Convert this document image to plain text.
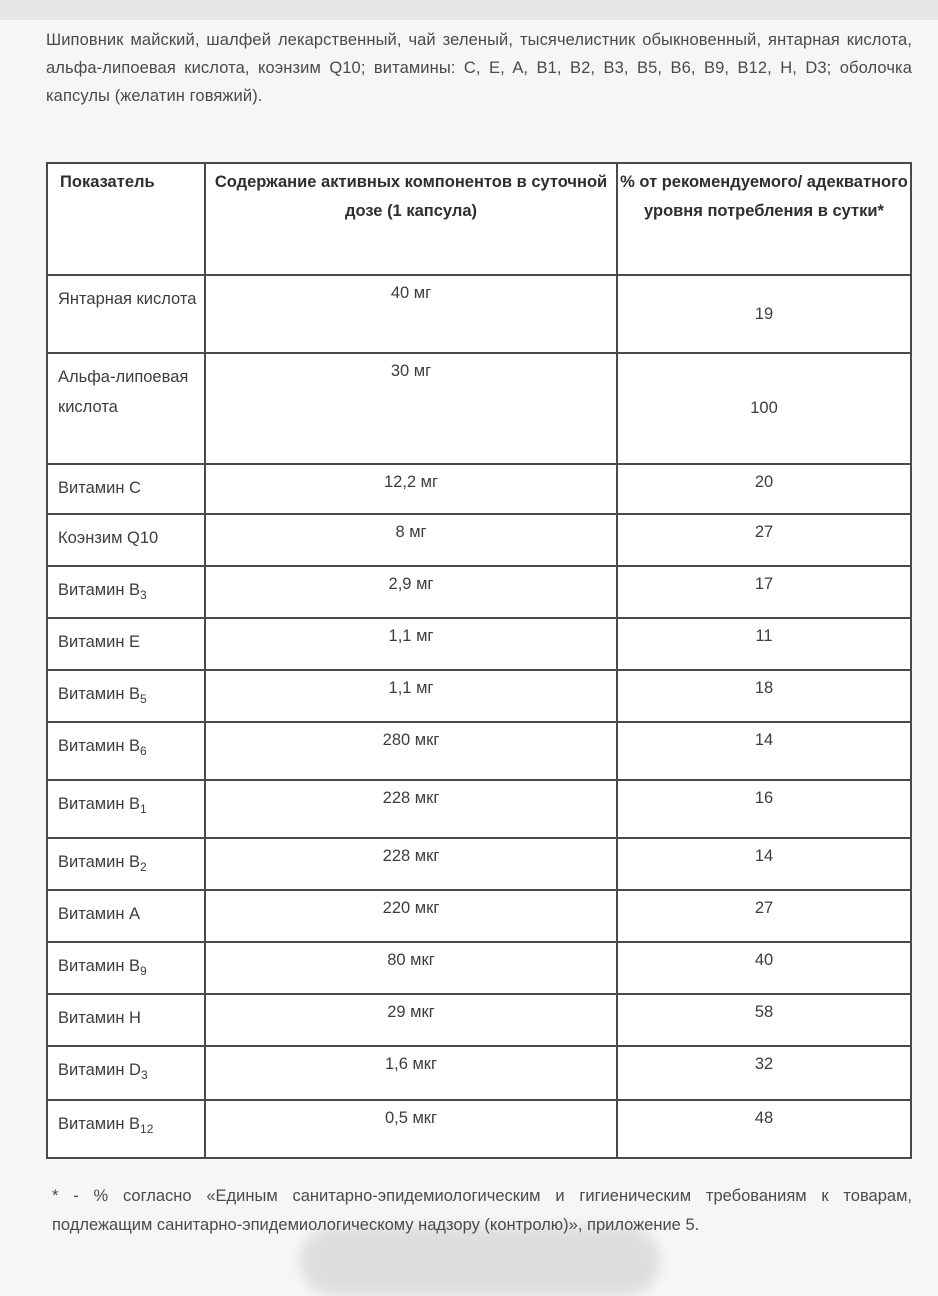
Шиповник майский, шалфей лекарственный, чай зеленый, тысячелистник обыкновенный, янтарная кислота, альфа-липоевая кислота, коэнзим Q10; витамины: C, E, A, B1, B2, B3, B5, B6, B9, B12, H, D3; оболочка капсулы (желатин говяжий).

Показатель	Содержание активных компонентов в суточной дозе (1 капсула)	% от рекомендуемого/ адекватного уровня потребления в сутки*
Янтарная кислота	40 мг	19
Альфа-липоевая кислота	30 мг	100
Витамин С	12,2 мг	20
Коэнзим Q10	8 мг	27
Витамин $В_3$	2,9 мг	17
Витамин Е	1,1 мг	11
Витамин $В_5$	1,1 мг	18
Витамин $В_6$	280 мкг	14
Витамин $В_1$	228 мкг	16
Витамин $В_2$	228 мкг	14
Витамин А	220 мкг	27
Витамин $В_9$	80 мкг	40
Витамин Н	29 мкг	58
Витамин $D_3$	1,6 мкг	32
Витамин $В_{12}$	0,5 мкг	48

* - % согласно «Единым санитарно-эпидемиологическим и гигиеническим требованиям к товарам, подлежащим санитарно-эпидемиологическому надзору (контролю)», приложение 5.
